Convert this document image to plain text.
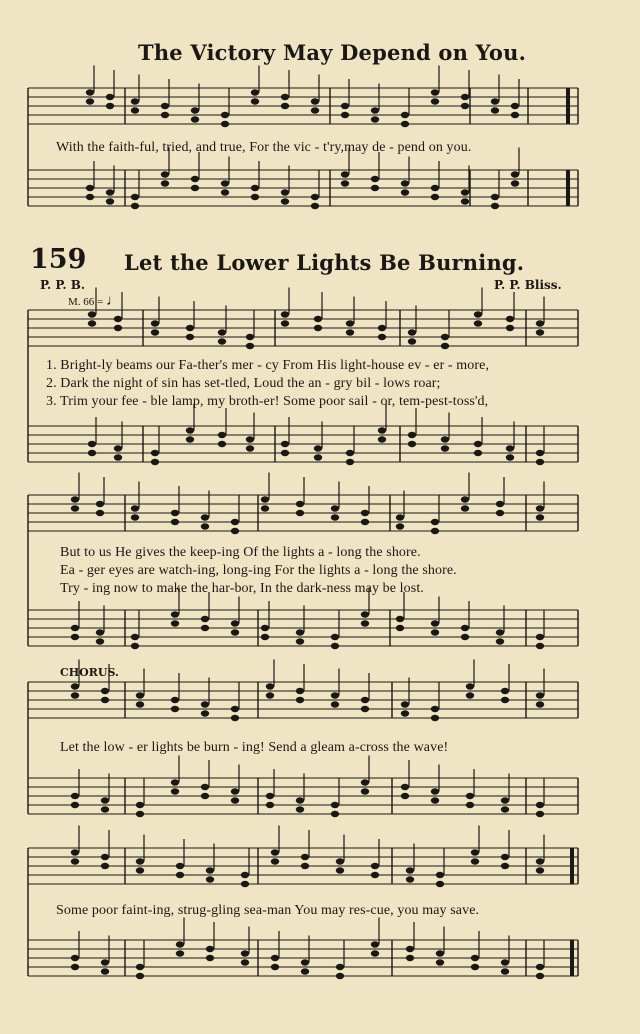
The Victory May Depend on You.
With the faith-ful, tried, and true, For the vic - t'ry,may de - pend on you.
159 Let the Lower Lights Be Burning.
P. P. B.	P. P. Bliss.
M. 66 = ♩
1. Bright-ly beams our Fa-ther's mer - cy From His light-house ev - er - more,
2. Dark the night of sin has set-tled, Loud the an - gry bil - lows roar;
3. Trim your fee - ble lamp, my broth-er! Some poor sail - or, tem-pest-toss'd,
But to us He gives the keep-ing Of the lights a - long the shore.
Ea - ger eyes are watch-ing, long-ing For the lights a - long the shore.
Try - ing now to make the har-bor, In the dark-ness may be lost.
CHORUS.
Let the low - er lights be burn - ing! Send a gleam a-cross the wave!
Some poor faint-ing, strug-gling sea-man You may res-cue, you may save.
